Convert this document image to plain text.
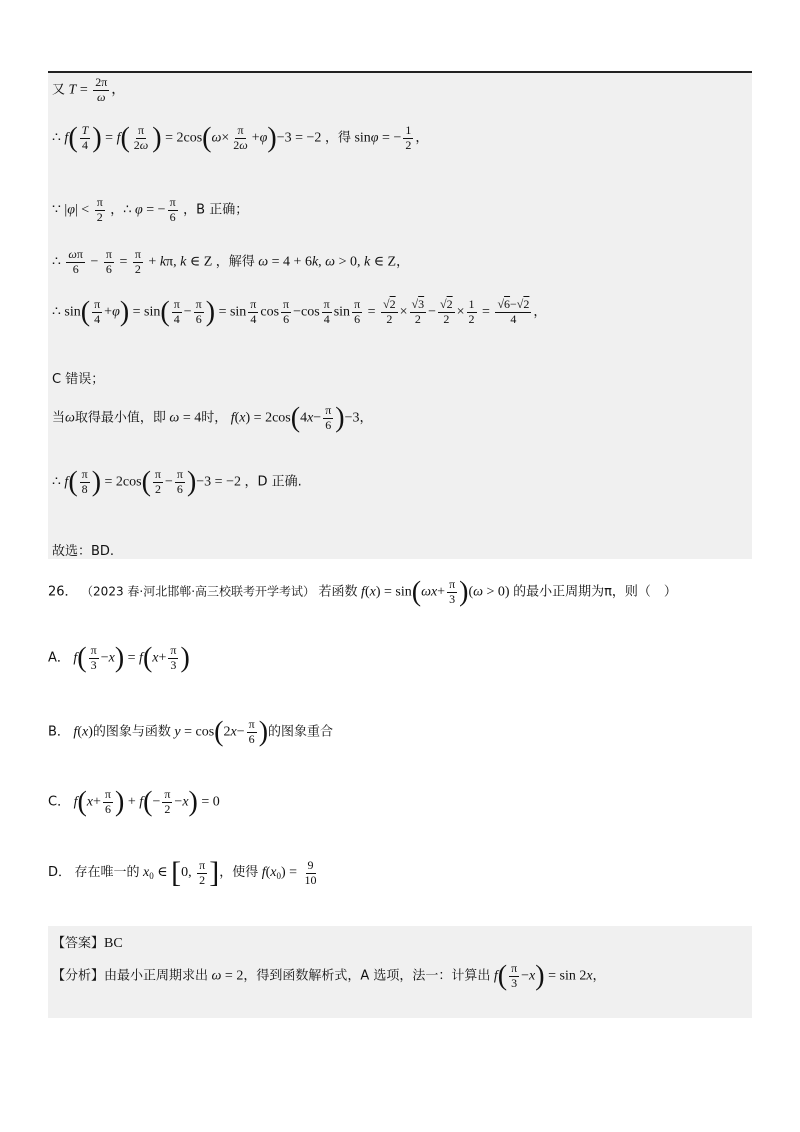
又 $T = \frac{2\pi}{\omega}$ ，
∴ $f( \frac{T}{4}$ ) = $f( \frac{\pi}{2\omega}$ ) = $2\cos(\omega\times \frac{\pi}{2\omega} +\varphi)-3 = -2$ ，得 sinφ = − $\frac{1}{2}$ ，
∵ $|\varphi| < \frac{\pi}{2}$ ，∴ φ = − $\frac{\pi}{6}$ ，B 正确；
∴ $\frac{\omega\pi}{6} - \frac{\pi}{6} = \frac{\pi}{2} + k\pi$, k ∈ Z ，解得 ω = 4 + 6k, ω > 0, k ∈ Z，
∴ $\sin( \frac{\pi}{4} +\varphi) = \sin( \frac{\pi}{4} - \frac{\pi}{6}$ ) = $\sin \frac{\pi}{4}$ $\cos \frac{\pi}{6} -\cos \frac{\pi}{4}$ $\sin \frac{\pi}{6} = \frac{√2}{2} \times \frac{√3}{2} - \frac{√2}{2} \times \frac{1}{2} = \frac{√6-√2}{4}$ ，
C 错误；
当ω取得最小值，即 ω = 4时， $f(x) = 2\cos(4x- \frac{\pi}{6} )-3$，
∴ $f( \frac{\pi}{8}$ ) = $2\cos( \frac{\pi}{2} - \frac{\pi}{6} )-3 = -2$ ，D 正确.
故选：BD.
26． （2023 春·河北邯郸·高三校联考开学考试） 若函数 $f(x) = \sin(\omega x+ \frac{\pi}{3} )(\omega > 0)$ 的最小正周期为π，则（　）
A． $f( \frac{\pi}{3} -x) = f(x+ \frac{\pi}{3}$ )
B． f(x)的图象与函数 $y = \cos(2x- \frac{\pi}{6}$ )的图象重合
C． $f(x+ \frac{\pi}{6}$ ) + $f(- \frac{\pi}{2} -x) = 0$
D． 存在唯一的 $x_0$ ∈ [0, $\frac{\pi}{2}$ ]，使得 $f(x_0) = \frac{9}{10}$
【答案】BC
【分析】由最小正周期求出 ω = 2，得到函数解析式，A 选项，法一：计算出 $f( \frac{\pi}{3} -x) = \sin 2x$，
